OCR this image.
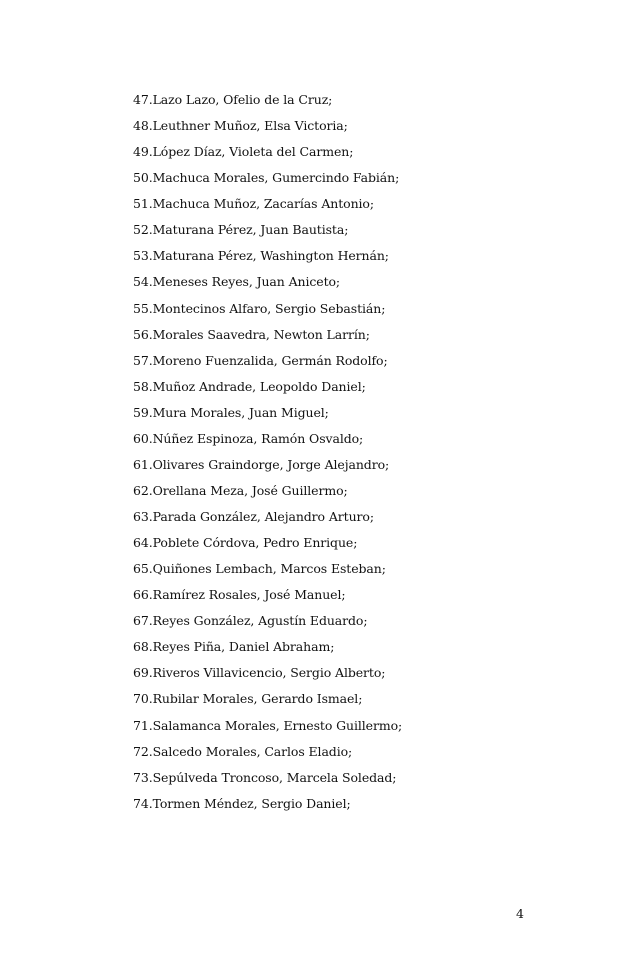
47.Lazo Lazo, Ofelio de la Cruz;
48.Leuthner Muñoz, Elsa Victoria;
49.López Díaz, Violeta del Carmen;
50.Machuca Morales, Gumercindo Fabián;
51.Machuca Muñoz, Zacarías Antonio;
52.Maturana Pérez, Juan Bautista;
53.Maturana Pérez, Washington Hernán;
54.Meneses Reyes, Juan Aniceto;
55.Montecinos Alfaro, Sergio Sebastián;
56.Morales Saavedra, Newton Larrín;
57.Moreno Fuenzalida, Germán Rodolfo;
58.Muñoz Andrade, Leopoldo Daniel;
59.Mura Morales, Juan Miguel;
60.Núñez Espinoza, Ramón Osvaldo;
61.Olivares Graindorge, Jorge Alejandro;
62.Orellana Meza, José Guillermo;
63.Parada González, Alejandro Arturo;
64.Poblete Córdova, Pedro Enrique;
65.Quiñones Lembach, Marcos Esteban;
66.Ramírez Rosales, José Manuel;
67.Reyes González, Agustín Eduardo;
68.Reyes Piña, Daniel Abraham;
69.Riveros Villavicencio, Sergio Alberto;
70.Rubilar Morales, Gerardo Ismael;
71.Salamanca Morales, Ernesto Guillermo;
72.Salcedo Morales, Carlos Eladio;
73.Sepúlveda Troncoso, Marcela Soledad;
74.Tormen Méndez, Sergio Daniel;
4
